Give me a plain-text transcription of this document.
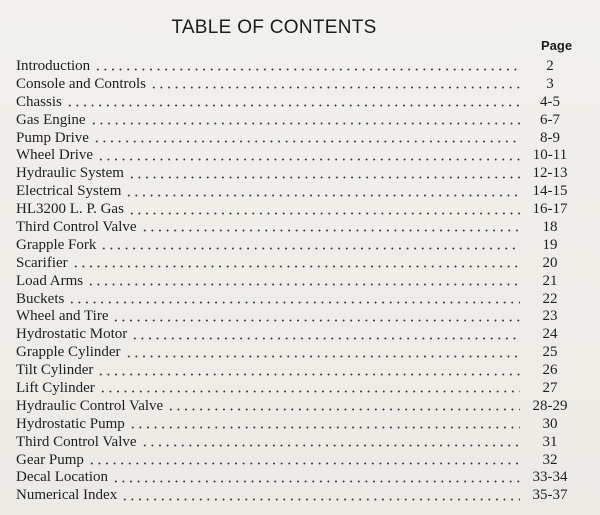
TABLE OF CONTENTS
Page
Introduction	2
Console and Controls	3
Chassis	4-5
Gas Engine	6-7
Pump Drive	8-9
Wheel Drive	10-11
Hydraulic System	12-13
Electrical System	14-15
HL3200 L. P. Gas	16-17
Third Control Valve	18
Grapple Fork	19
Scarifier	20
Load Arms	21
Buckets	22
Wheel and Tire	23
Hydrostatic Motor	24
Grapple Cylinder	25
Tilt Cylinder	26
Lift Cylinder	27
Hydraulic Control Valve	28-29
Hydrostatic Pump	30
Third Control Valve	31
Gear Pump	32
Decal Location	33-34
Numerical Index	35-37
